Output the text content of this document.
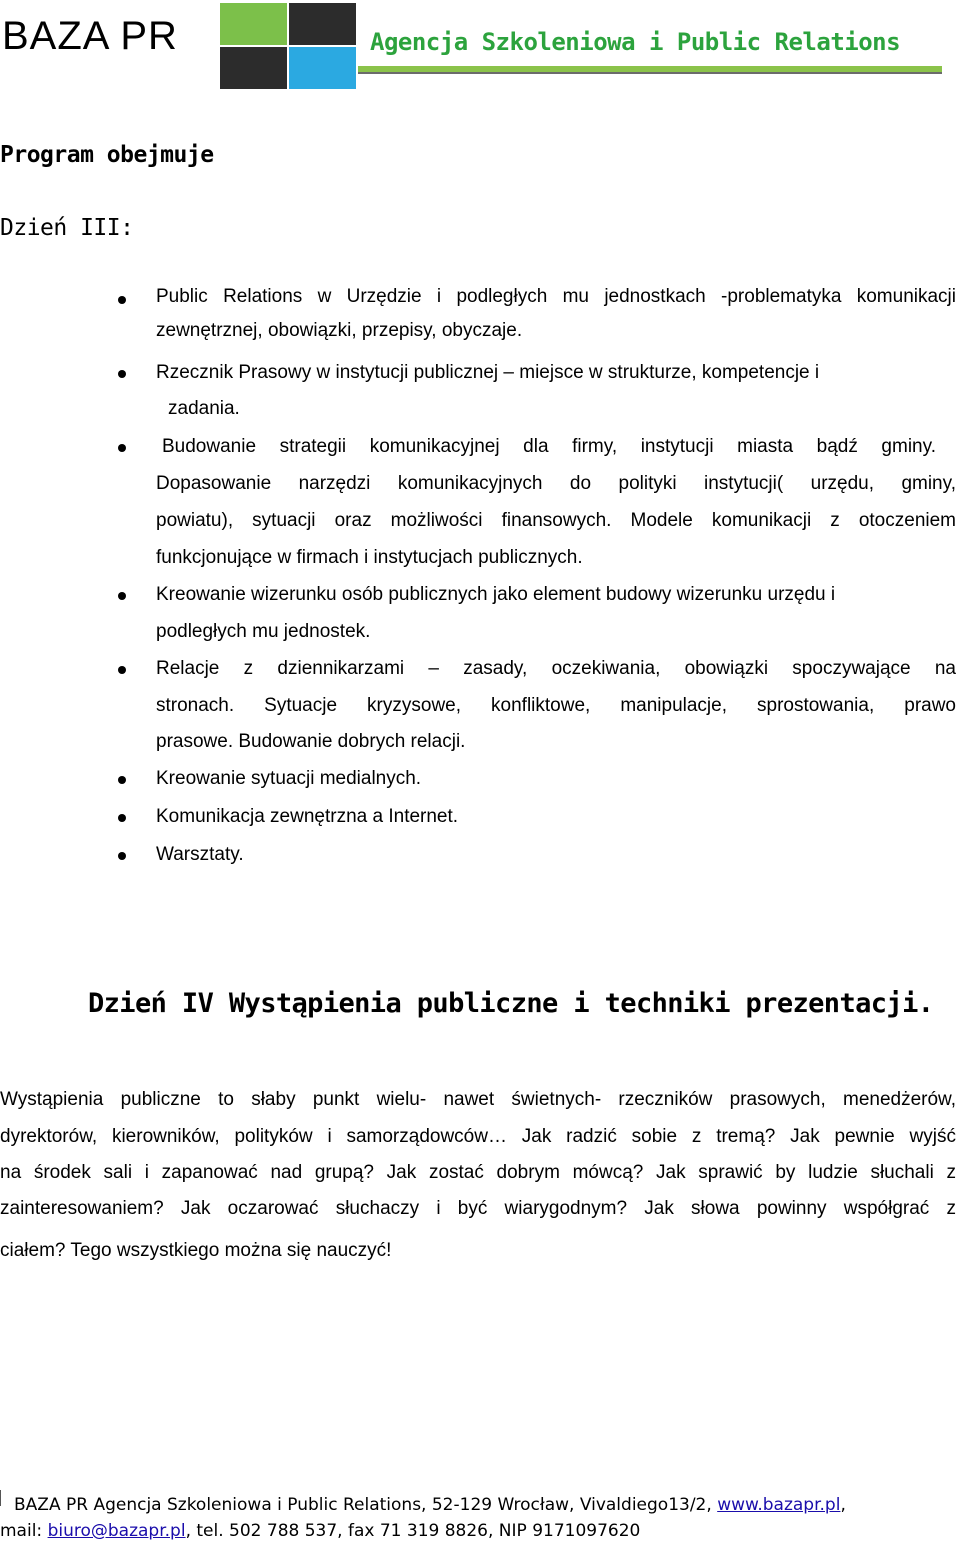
BAZA PR	Agencja Szkoleniowa i Public Relations
Program obejmuje
Dzień III:
Public Relations w Urzędzie i podległych mu jednostkach -problematyka komunikacji
zewnętrznej, obowiązki, przepisy, obyczaje.
Rzecznik Prasowy w instytucji publicznej – miejsce w strukturze, kompetencje i
zadania.
Budowanie strategii komunikacyjnej dla firmy, instytucji miasta bądź gminy.
Dopasowanie narzędzi komunikacyjnych do polityki instytucji( urzędu, gminy,
powiatu), sytuacji oraz możliwości finansowych. Modele komunikacji z otoczeniem
funkcjonujące w firmach i instytucjach publicznych.
Kreowanie wizerunku osób publicznych jako element budowy wizerunku urzędu i
podległych mu jednostek.
Relacje z dziennikarzami – zasady, oczekiwania, obowiązki spoczywające na
stronach. Sytuacje kryzysowe, konfliktowe, manipulacje, sprostowania, prawo
prasowe. Budowanie dobrych relacji.
Kreowanie sytuacji medialnych.
Komunikacja zewnętrzna a Internet.
Warsztaty.
Dzień IV Wystąpienia publiczne i techniki prezentacji.
Wystąpienia publiczne to słaby punkt wielu- nawet świetnych- rzeczników prasowych, menedżerów,
dyrektorów, kierowników, polityków i samorządowców… Jak radzić sobie z tremą? Jak pewnie wyjść
na środek sali i zapanować nad grupą? Jak zostać dobrym mówcą? Jak sprawić by ludzie słuchali z
zainteresowaniem? Jak oczarować słuchaczy i być wiarygodnym? Jak słowa powinny współgrać z
ciałem? Tego wszystkiego można się nauczyć!
BAZA PR Agencja Szkoleniowa i Public Relations, 52-129 Wrocław, Vivaldiego13/2, www.bazapr.pl,
mail: biuro@bazapr.pl, tel. 502 788 537, fax 71 319 8826, NIP 9171097620
